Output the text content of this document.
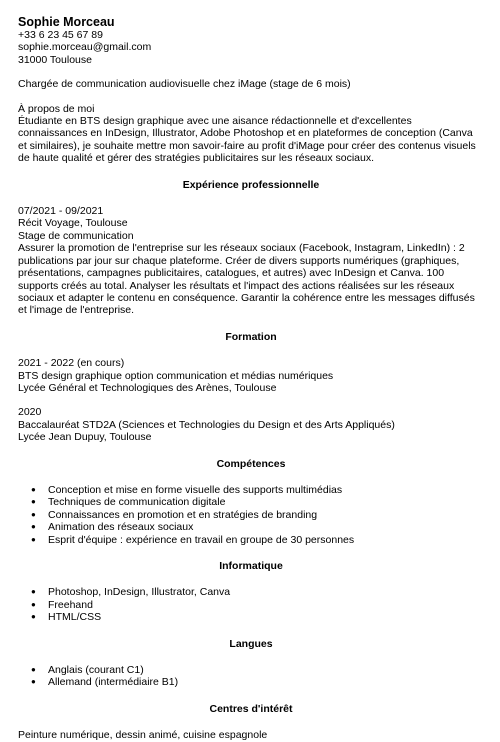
Sophie Morceau
+33 6 23 45 67 89
sophie.morceau@gmail.com
31000 Toulouse
Chargée de communication audiovisuelle chez iMage (stage de 6 mois)
À propos de moi
Étudiante en BTS design graphique avec une aisance rédactionnelle et d'excellentes connaissances en InDesign, Illustrator, Adobe Photoshop et en plateformes de conception (Canva et similaires), je souhaite mettre mon savoir-faire au profit d'iMage pour créer des contenus visuels de haute qualité et gérer des stratégies publicitaires sur les réseaux sociaux.
Expérience professionnelle
07/2021 - 09/2021
Récit Voyage, Toulouse
Stage de communication
Assurer la promotion de l'entreprise sur les réseaux sociaux (Facebook, Instagram, LinkedIn) : 2 publications par jour sur chaque plateforme. Créer de divers supports numériques (graphiques, présentations, campagnes publicitaires, catalogues, et autres) avec InDesign et Canva. 100 supports créés au total. Analyser les résultats et l'impact des actions réalisées sur les réseaux sociaux et adapter le contenu en conséquence. Garantir la cohérence entre les messages diffusés et l'image de l'entreprise.
Formation
2021 - 2022 (en cours)
BTS design graphique option communication et médias numériques
Lycée Général et Technologiques des Arènes, Toulouse
2020
Baccalauréat STD2A (Sciences et Technologies du Design et des Arts Appliqués)
Lycée Jean Dupuy, Toulouse
Compétences
● Conception et mise en forme visuelle des supports multimédias
● Techniques de communication digitale
● Connaissances en promotion et en stratégies de branding
● Animation des réseaux sociaux
● Esprit d'équipe : expérience en travail en groupe de 30 personnes
Informatique
● Photoshop, InDesign, Illustrator, Canva
● Freehand
● HTML/CSS
Langues
● Anglais (courant C1)
● Allemand (intermédiaire B1)
Centres d'intérêt
Peinture numérique, dessin animé, cuisine espagnole
